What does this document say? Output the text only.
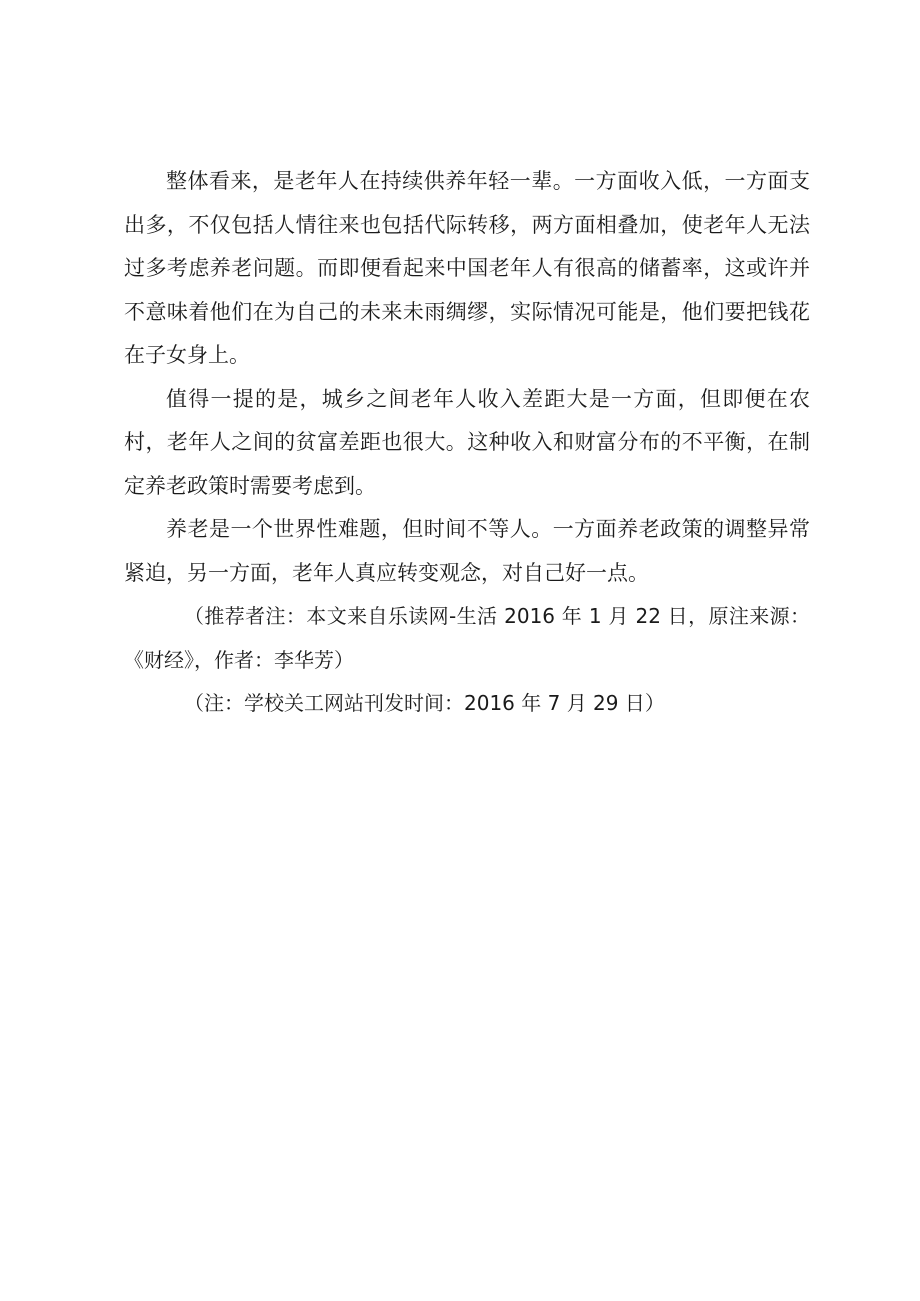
整体看来，是老年人在持续供养年轻一辈。一方面收入低，一方面支出多，不仅包括人情往来也包括代际转移，两方面相叠加，使老年人无法过多考虑养老问题。而即便看起来中国老年人有很高的储蓄率，这或许并不意味着他们在为自己的未来未雨绸缪，实际情况可能是，他们要把钱花在子女身上。

值得一提的是，城乡之间老年人收入差距大是一方面，但即便在农村，老年人之间的贫富差距也很大。这种收入和财富分布的不平衡，在制定养老政策时需要考虑到。

养老是一个世界性难题，但时间不等人。一方面养老政策的调整异常紧迫，另一方面，老年人真应转变观念，对自己好一点。

（推荐者注：本文来自乐读网-生活 2016 年 1 月 22 日，原注来源：《财经》，作者：李华芳）

（注：学校关工网站刊发时间：2016 年 7 月 29 日）
